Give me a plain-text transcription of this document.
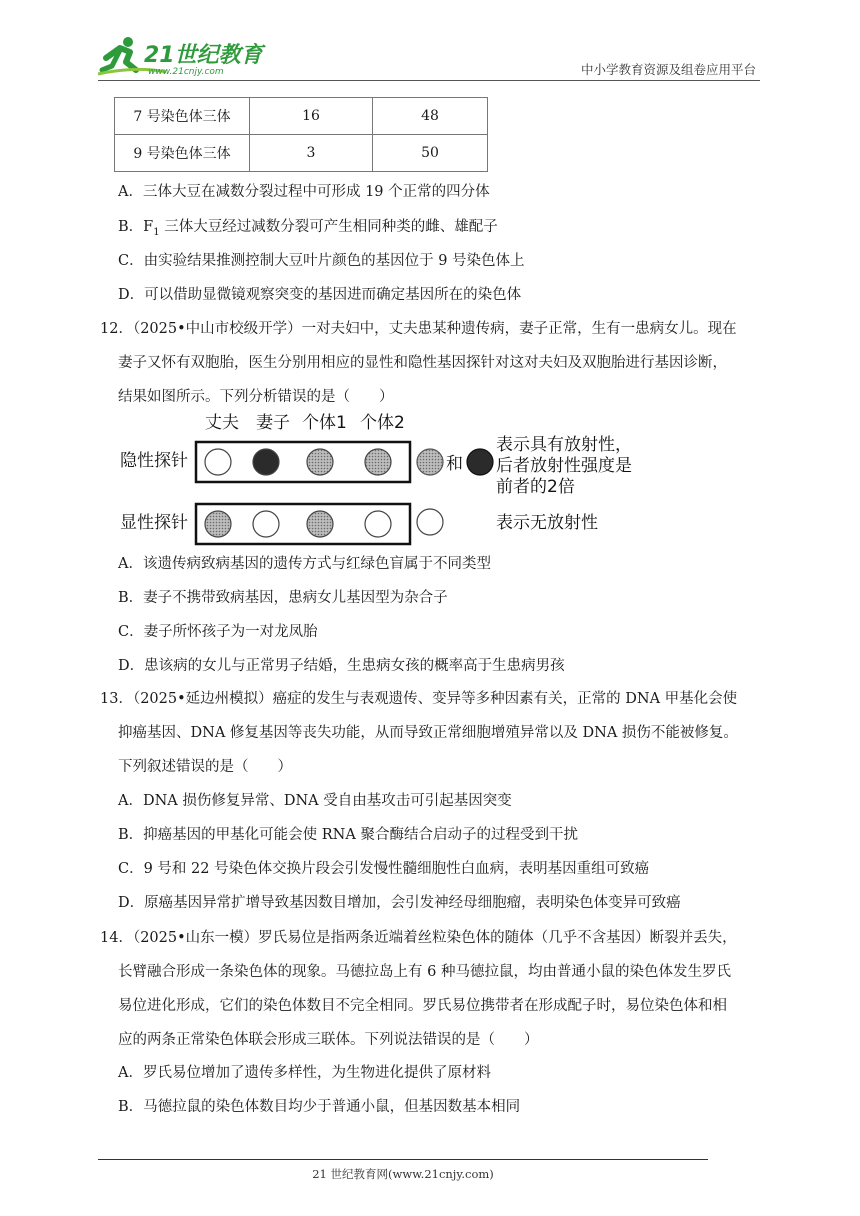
21世纪教育
www.21cnjy.com	中小学教育资源及组卷应用平台
7 号染色体三体	16	48
9 号染色体三体	3	50
A．三体大豆在减数分裂过程中可形成 19 个正常的四分体
B．$F_1$ 三体大豆经过减数分裂可产生相同种类的雌、雄配子
C．由实验结果推测控制大豆叶片颜色的基因位于 9 号染色体上
D．可以借助显微镜观察突变的基因进而确定基因所在的染色体
12．（2025•中山市校级开学）一对夫妇中，丈夫患某种遗传病，妻子正常，生有一患病女儿。现在
妻子又怀有双胞胎，医生分别用相应的显性和隐性基因探针对这对夫妇及双胞胎进行基因诊断，
结果如图所示。下列分析错误的是（　　）
丈夫 妻子 个体1 个体2
隐性探针
显性探针
和
表示具有放射性，
后者放射性强度是
前者的2倍
表示无放射性
A．该遗传病致病基因的遗传方式与红绿色盲属于不同类型
B．妻子不携带致病基因，患病女儿基因型为杂合子
C．妻子所怀孩子为一对龙凤胎
D．患该病的女儿与正常男子结婚，生患病女孩的概率高于生患病男孩
13．（2025•延边州模拟）癌症的发生与表观遗传、变异等多种因素有关，正常的 DNA 甲基化会使
抑癌基因、DNA 修复基因等丧失功能，从而导致正常细胞增殖异常以及 DNA 损伤不能被修复。
下列叙述错误的是（　　）
A．DNA 损伤修复异常、DNA 受自由基攻击可引起基因突变
B．抑癌基因的甲基化可能会使 RNA 聚合酶结合启动子的过程受到干扰
C．9 号和 22 号染色体交换片段会引发慢性髓细胞性白血病，表明基因重组可致癌
D．原癌基因异常扩增导致基因数目增加，会引发神经母细胞瘤，表明染色体变异可致癌
14．（2025•山东一模）罗氏易位是指两条近端着丝粒染色体的随体（几乎不含基因）断裂并丢失，
长臂融合形成一条染色体的现象。马德拉岛上有 6 种马德拉鼠，均由普通小鼠的染色体发生罗氏
易位进化形成，它们的染色体数目不完全相同。罗氏易位携带者在形成配子时，易位染色体和相
应的两条正常染色体联会形成三联体。下列说法错误的是（　　）
A．罗氏易位增加了遗传多样性，为生物进化提供了原材料
B．马德拉鼠的染色体数目均少于普通小鼠，但基因数基本相同
21 世纪教育网(www.21cnjy.com)
